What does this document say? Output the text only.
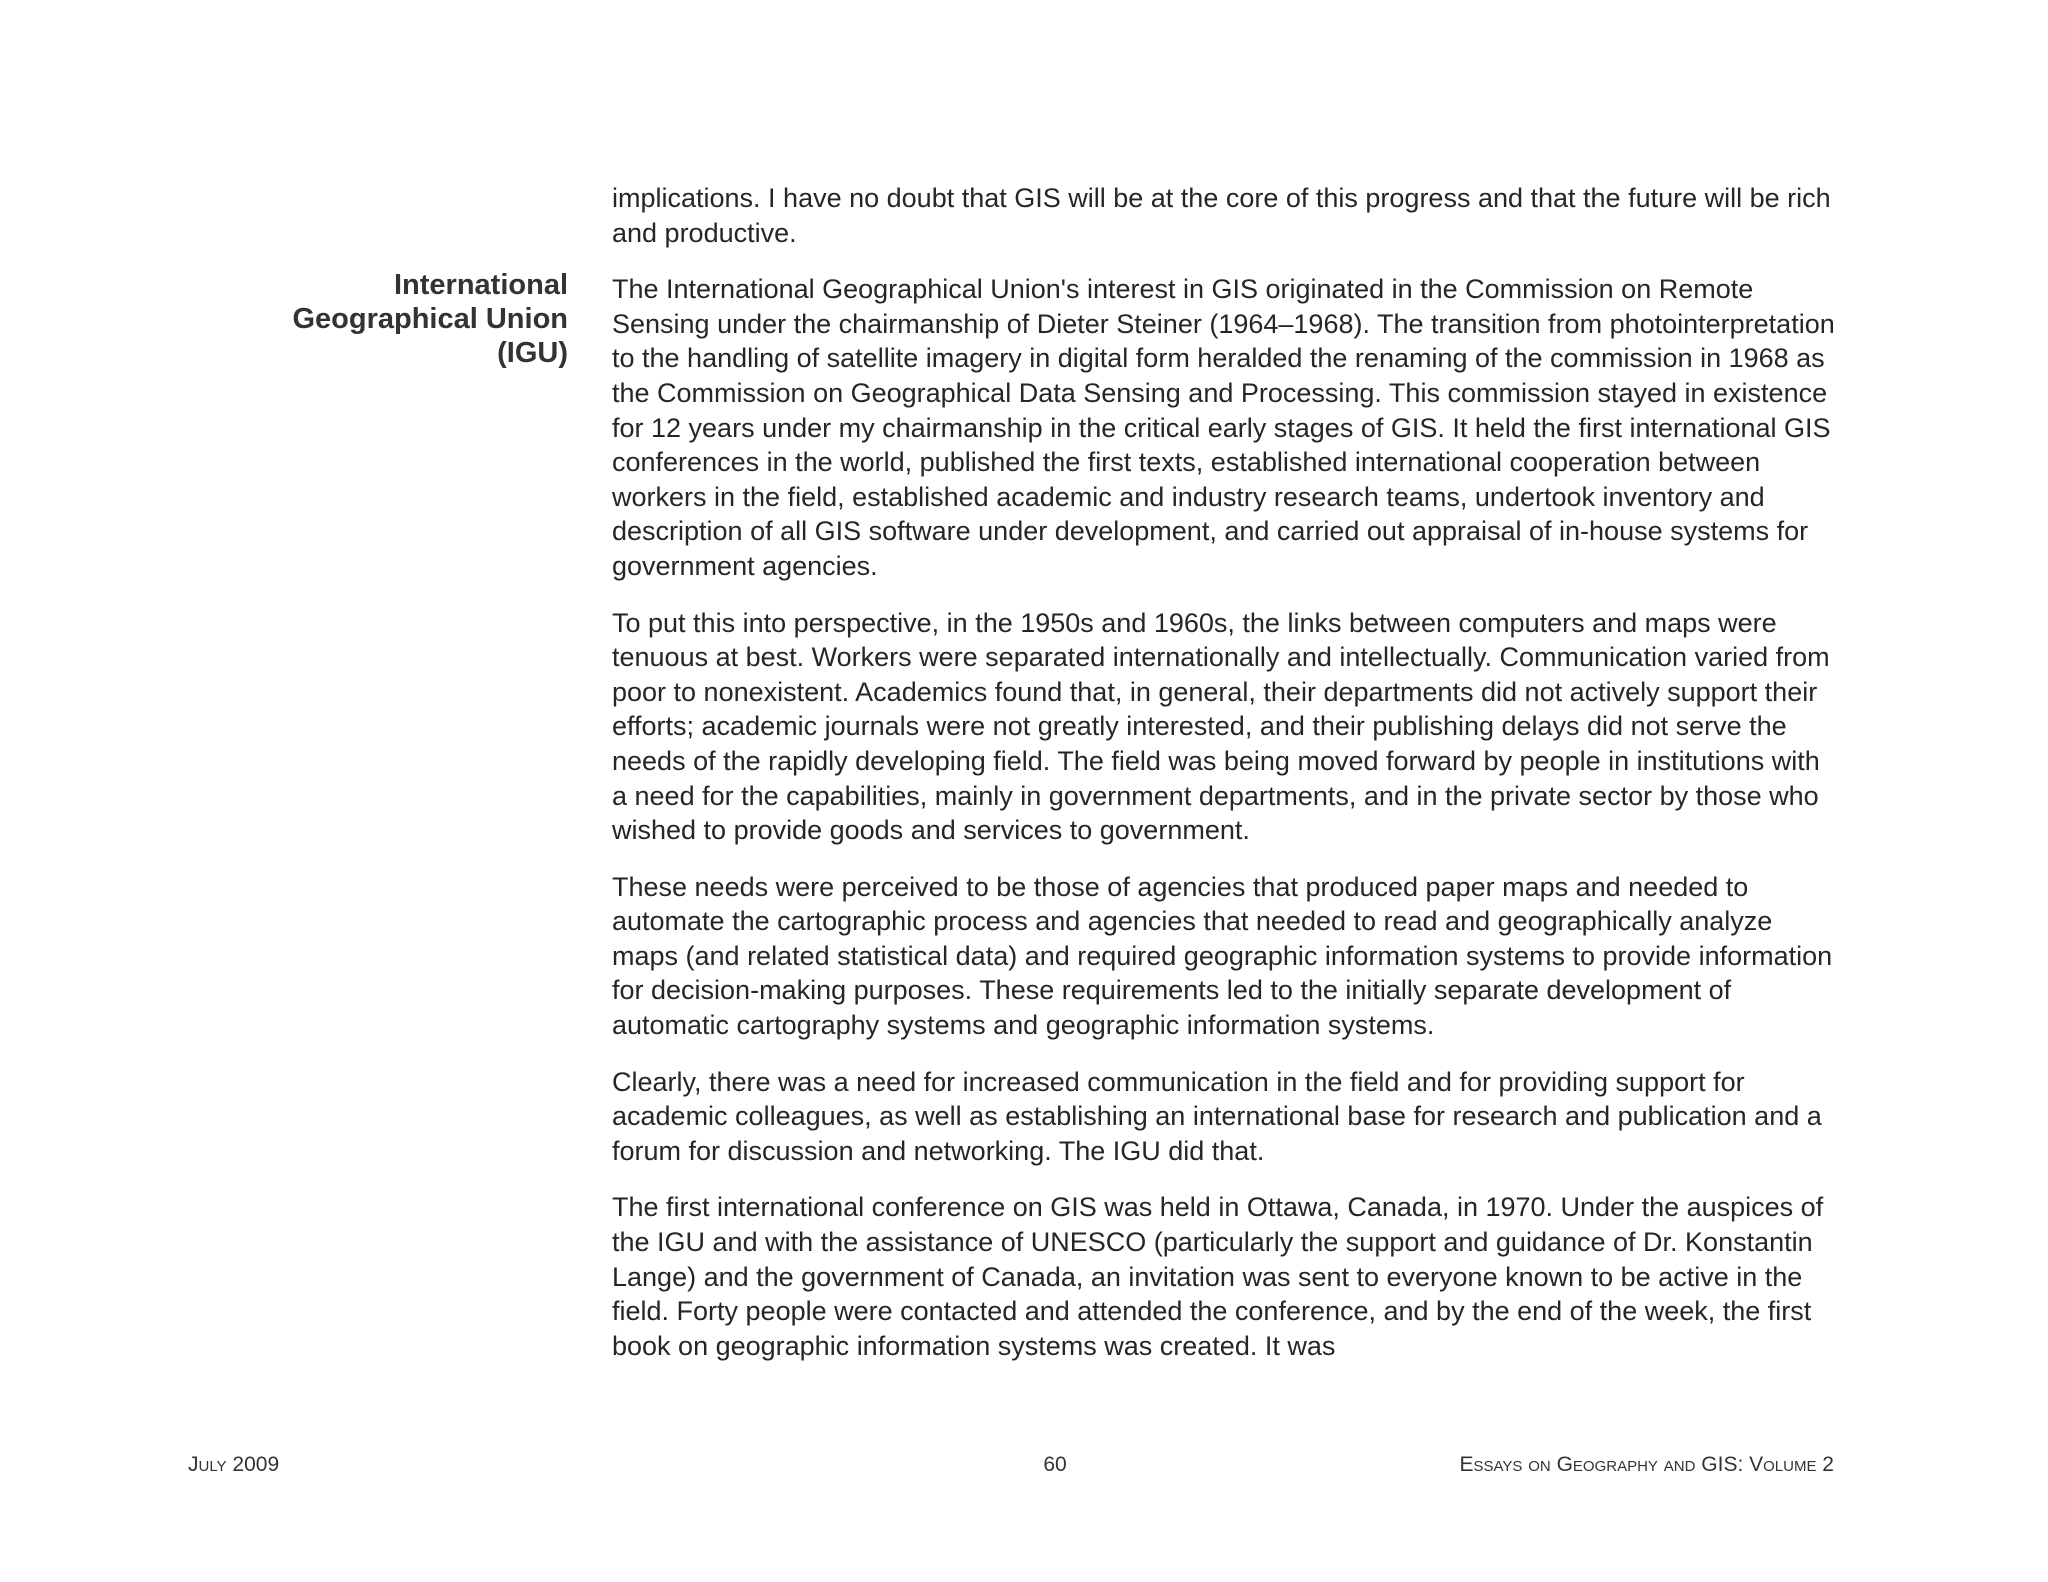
International
Geographical Union
(IGU)

implications. I have no doubt that GIS will be at the core of this progress and that the future will be rich and productive.

The International Geographical Union's interest in GIS originated in the Commission on Remote Sensing under the chairmanship of Dieter Steiner (1964–1968). The transition from photointerpretation to the handling of satellite imagery in digital form heralded the renaming of the commission in 1968 as the Commission on Geographical Data Sensing and Processing. This commission stayed in existence for 12 years under my chairmanship in the critical early stages of GIS. It held the first international GIS conferences in the world, published the first texts, established international cooperation between workers in the field, established academic and industry research teams, undertook inventory and description of all GIS software under development, and carried out appraisal of in-house systems for government agencies.

To put this into perspective, in the 1950s and 1960s, the links between computers and maps were tenuous at best. Workers were separated internationally and intellectually. Communication varied from poor to nonexistent. Academics found that, in general, their departments did not actively support their efforts; academic journals were not greatly interested, and their publishing delays did not serve the needs of the rapidly developing field. The field was being moved forward by people in institutions with a need for the capabilities, mainly in government departments, and in the private sector by those who wished to provide goods and services to government.

These needs were perceived to be those of agencies that produced paper maps and needed to automate the cartographic process and agencies that needed to read and geographically analyze maps (and related statistical data) and required geographic information systems to provide information for decision-making purposes. These requirements led to the initially separate development of automatic cartography systems and geographic information systems.

Clearly, there was a need for increased communication in the field and for providing support for academic colleagues, as well as establishing an international base for research and publication and a forum for discussion and networking. The IGU did that.

The first international conference on GIS was held in Ottawa, Canada, in 1970. Under the auspices of the IGU and with the assistance of UNESCO (particularly the support and guidance of Dr. Konstantin Lange) and the government of Canada, an invitation was sent to everyone known to be active in the field. Forty people were contacted and attended the conference, and by the end of the week, the first book on geographic information systems was created. It was

July 2009	60	Essays on Geography and GIS: Volume 2
